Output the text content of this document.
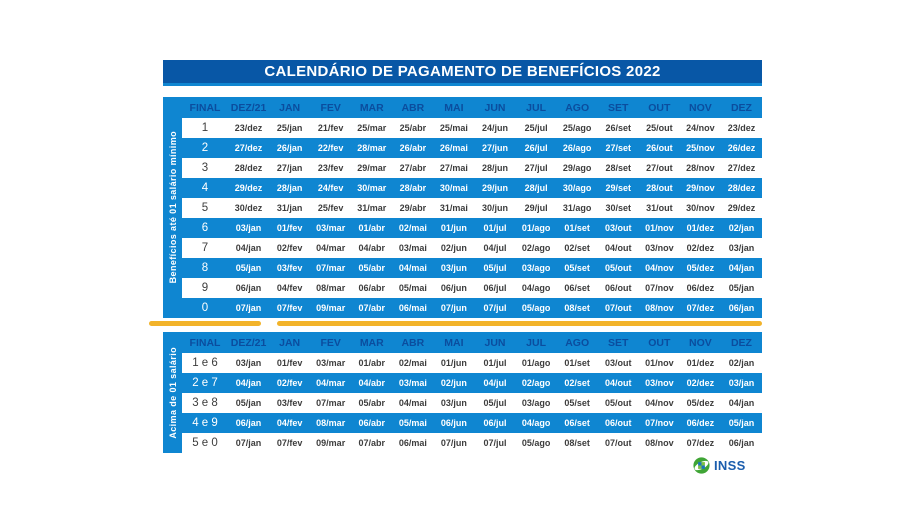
CALENDÁRIO DE PAGAMENTO DE BENEFÍCIOS 2022
Benefícios até 01 salário mínimo
FINAL DEZ/21	JAN	FEV	MAR	ABR	MAI	JUN	JUL	AGO	SET	OUT	NOV	DEZ
1	23/dez	25/jan	21/fev	25/mar	25/abr	25/mai	24/jun	25/jul	25/ago	26/set	25/out	24/nov	23/dez
2	27/dez	26/jan	22/fev	28/mar	26/abr	26/mai	27/jun	26/jul	26/ago	27/set	26/out	25/nov	26/dez
3	28/dez	27/jan	23/fev	29/mar	27/abr	27/mai	28/jun	27/jul	29/ago	28/set	27/out	28/nov	27/dez
4	29/dez	28/jan	24/fev	30/mar	28/abr	30/mai	29/jun	28/jul	30/ago	29/set	28/out	29/nov	28/dez
5	30/dez	31/jan	25/fev	31/mar	29/abr	31/mai	30/jun	29/jul	31/ago	30/set	31/out	30/nov	29/dez
6	03/jan	01/fev	03/mar	01/abr	02/mai	01/jun	01/jul	01/ago	01/set	03/out	01/nov	01/dez	02/jan
7	04/jan	02/fev	04/mar	04/abr	03/mai	02/jun	04/jul	02/ago	02/set	04/out	03/nov	02/dez	03/jan
8	05/jan	03/fev	07/mar	05/abr	04/mai	03/jun	05/jul	03/ago	05/set	05/out	04/nov	05/dez	04/jan
9	06/jan	04/fev	08/mar	06/abr	05/mai	06/jun	06/jul	04/ago	06/set	06/out	07/nov	06/dez	05/jan
0	07/jan	07/fev	09/mar	07/abr	06/mai	07/jun	07/jul	05/ago	08/set	07/out	08/nov	07/dez	06/jan
Acima de 01 salário
FINAL DEZ/21	JAN	FEV	MAR	ABR	MAI	JUN	JUL	AGO	SET	OUT	NOV	DEZ
1 e 6	03/jan	01/fev	03/mar	01/abr	02/mai	01/jun	01/jul	01/ago	01/set	03/out	01/nov	01/dez	02/jan
2 e 7	04/jan	02/fev	04/mar	04/abr	03/mai	02/jun	04/jul	02/ago	02/set	04/out	03/nov	02/dez	03/jan
3 e 8	05/jan	03/fev	07/mar	05/abr	04/mai	03/jun	05/jul	03/ago	05/set	05/out	04/nov	05/dez	04/jan
4 e 9	06/jan	04/fev	08/mar	06/abr	05/mai	06/jun	06/jul	04/ago	06/set	06/out	07/nov	06/dez	05/jan
5 e 0	07/jan	07/fev	09/mar	07/abr	06/mai	07/jun	07/jul	05/ago	08/set	07/out	08/nov	07/dez	06/jan
INSS
